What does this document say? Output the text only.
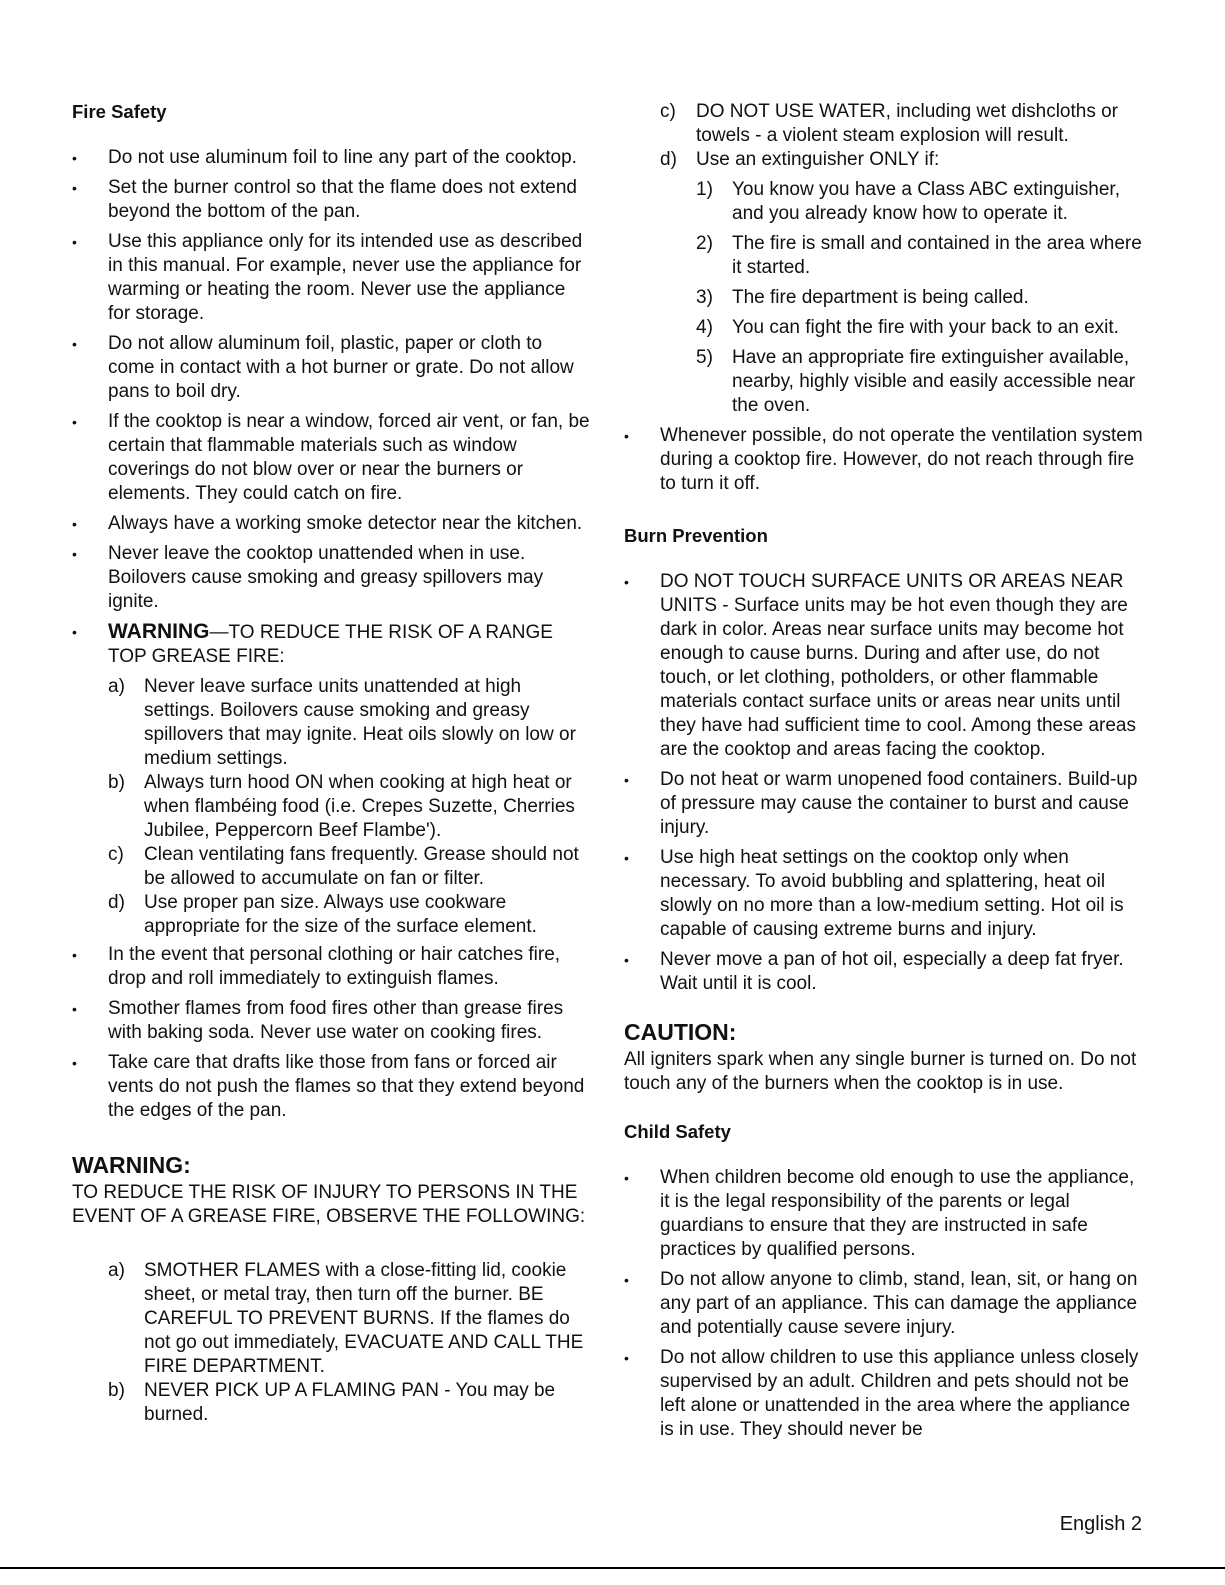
Fire Safety
• Do not use aluminum foil to line any part of the cooktop.
• Set the burner control so that the flame does not extend beyond the bottom of the pan.
• Use this appliance only for its intended use as described in this manual. For example, never use the appliance for warming or heating the room. Never use the appliance for storage.
• Do not allow aluminum foil, plastic, paper or cloth to come in contact with a hot burner or grate. Do not allow pans to boil dry.
• If the cooktop is near a window, forced air vent, or fan, be certain that flammable materials such as window coverings do not blow over or near the burners or elements. They could catch on fire.
• Always have a working smoke detector near the kitchen.
• Never leave the cooktop unattended when in use. Boilovers cause smoking and greasy spillovers may ignite.
• WARNING—TO REDUCE THE RISK OF A RANGE TOP GREASE FIRE:
a) Never leave surface units unattended at high settings. Boilovers cause smoking and greasy spillovers that may ignite. Heat oils slowly on low or medium settings.
b) Always turn hood ON when cooking at high heat or when flambéing food (i.e. Crepes Suzette, Cherries Jubilee, Peppercorn Beef Flambe').
c) Clean ventilating fans frequently. Grease should not be allowed to accumulate on fan or filter.
d) Use proper pan size. Always use cookware appropriate for the size of the surface element.
• In the event that personal clothing or hair catches fire, drop and roll immediately to extinguish flames.
• Smother flames from food fires other than grease fires with baking soda. Never use water on cooking fires.
• Take care that drafts like those from fans or forced air vents do not push the flames so that they extend beyond the edges of the pan.
WARNING:

TO REDUCE THE RISK OF INJURY TO PERSONS IN THE EVENT OF A GREASE FIRE, OBSERVE THE FOLLOWING:

a) SMOTHER FLAMES with a close-fitting lid, cookie sheet, or metal tray, then turn off the burner. BE CAREFUL TO PREVENT BURNS. If the flames do not go out immediately, EVACUATE AND CALL THE FIRE DEPARTMENT.
b) NEVER PICK UP A FLAMING PAN - You may be burned.
c) DO NOT USE WATER, including wet dishcloths or towels - a violent steam explosion will result.
d) Use an extinguisher ONLY if:
1) You know you have a Class ABC extinguisher, and you already know how to operate it.
2) The fire is small and contained in the area where it started.
3) The fire department is being called.
4) You can fight the fire with your back to an exit.
5) Have an appropriate fire extinguisher available, nearby, highly visible and easily accessible near the oven.
• Whenever possible, do not operate the ventilation system during a cooktop fire. However, do not reach through fire to turn it off.
Burn Prevention
• DO NOT TOUCH SURFACE UNITS OR AREAS NEAR UNITS - Surface units may be hot even though they are dark in color. Areas near surface units may become hot enough to cause burns. During and after use, do not touch, or let clothing, potholders, or other flammable materials contact surface units or areas near units until they have had sufficient time to cool. Among these areas are the cooktop and areas facing the cooktop.
• Do not heat or warm unopened food containers. Build-up of pressure may cause the container to burst and cause injury.
• Use high heat settings on the cooktop only when necessary. To avoid bubbling and splattering, heat oil slowly on no more than a low-medium setting. Hot oil is capable of causing extreme burns and injury.
• Never move a pan of hot oil, especially a deep fat fryer. Wait until it is cool.
CAUTION:

All igniters spark when any single burner is turned on. Do not touch any of the burners when the cooktop is in use.

Child Safety
• When children become old enough to use the appliance, it is the legal responsibility of the parents or legal guardians to ensure that they are instructed in safe practices by qualified persons.
• Do not allow anyone to climb, stand, lean, sit, or hang on any part of an appliance. This can damage the appliance and potentially cause severe injury.
• Do not allow children to use this appliance unless closely supervised by an adult. Children and pets should not be left alone or unattended in the area where the appliance is in use. They should never be
English 2
